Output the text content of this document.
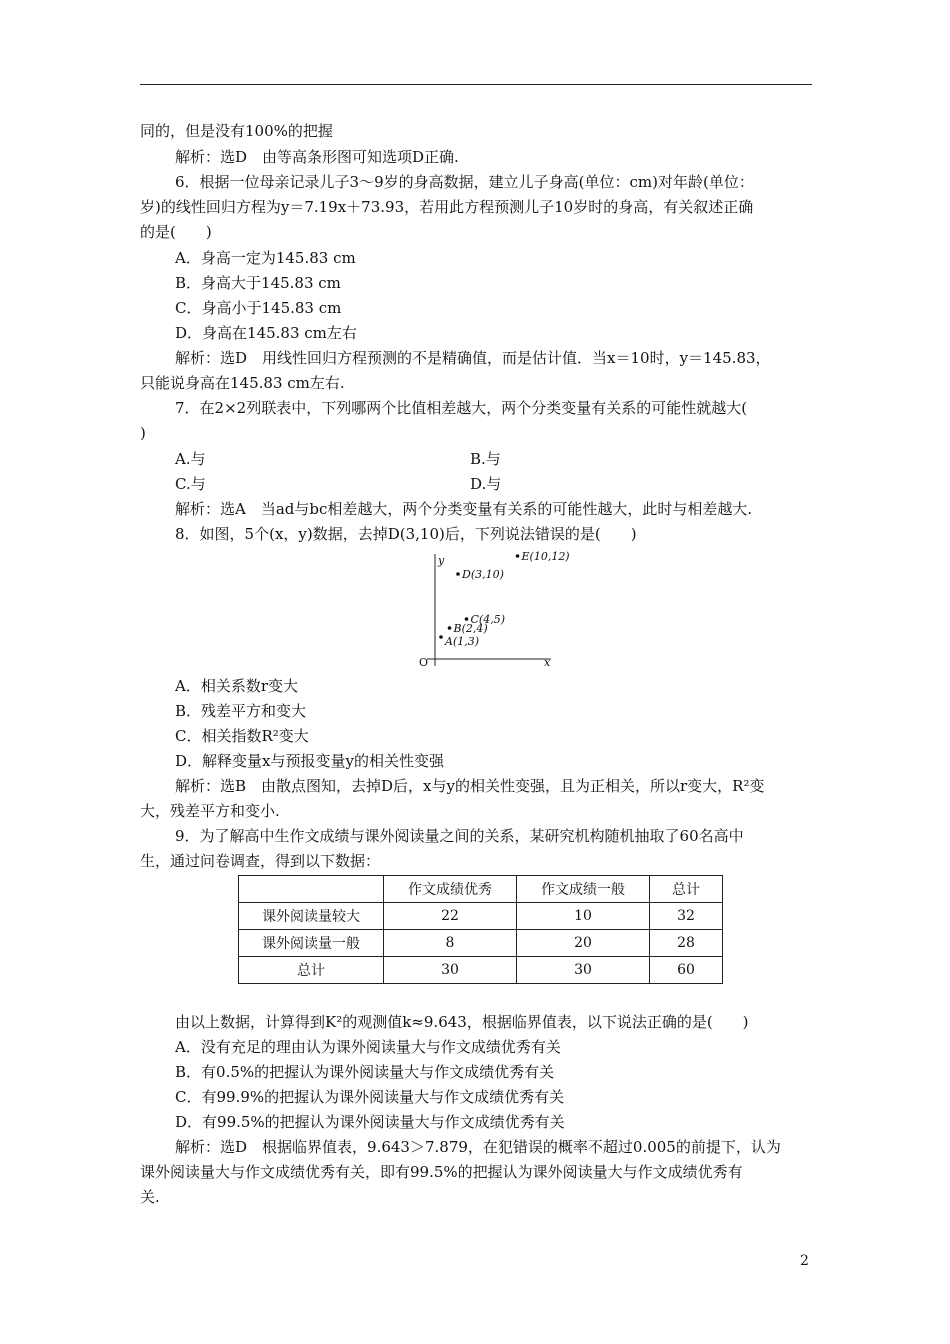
同的，但是没有100%的把握
解析：选D　由等高条形图可知选项D正确.
6．根据一位母亲记录儿子3～9岁的身高数据，建立儿子身高(单位：cm)对年龄(单位：
岁)的线性回归方程为y＝7.19x＋73.93，若用此方程预测儿子10岁时的身高，有关叙述正确
的是(　　)
A．身高一定为145.83 cm
B．身高大于145.83 cm
C．身高小于145.83 cm
D．身高在145.83 cm左右
解析：选D　用线性回归方程预测的不是精确值，而是估计值．当x＝10时，y＝145.83，
只能说身高在145.83 cm左右.
7．在2×2列联表中，下列哪两个比值相差越大，两个分类变量有关系的可能性就越大(
)
A.与	B.与
C.与	D.与
解析：选A　当ad与bc相差越大，两个分类变量有关系的可能性越大，此时与相差越大.
8．如图，5个(x，y)数据，去掉D(3,10)后，下列说法错误的是(　　)
O	x
y
A(1,3)
B(2,4)
C(4,5)
D(3,10)
E(10,12)
A．相关系数r变大
B．残差平方和变大
C．相关指数R²变大
D．解释变量x与预报变量y的相关性变强
解析：选B　由散点图知，去掉D后，x与y的相关性变强，且为正相关，所以r变大，R²变
大，残差平方和变小.
9．为了解高中生作文成绩与课外阅读量之间的关系，某研究机构随机抽取了60名高中
生，通过问卷调查，得到以下数据：
	作文成绩优秀	作文成绩一般	总计
课外阅读量较大	22	10	32
课外阅读量一般	8	20	28
总计	30	30	60
由以上数据，计算得到K²的观测值k≈9.643，根据临界值表，以下说法正确的是(　　)
A．没有充足的理由认为课外阅读量大与作文成绩优秀有关
B．有0.5%的把握认为课外阅读量大与作文成绩优秀有关
C．有99.9%的把握认为课外阅读量大与作文成绩优秀有关
D．有99.5%的把握认为课外阅读量大与作文成绩优秀有关
解析：选D　根据临界值表，9.643＞7.879，在犯错误的概率不超过0.005的前提下，认为
课外阅读量大与作文成绩优秀有关，即有99.5%的把握认为课外阅读量大与作文成绩优秀有
关.
2
